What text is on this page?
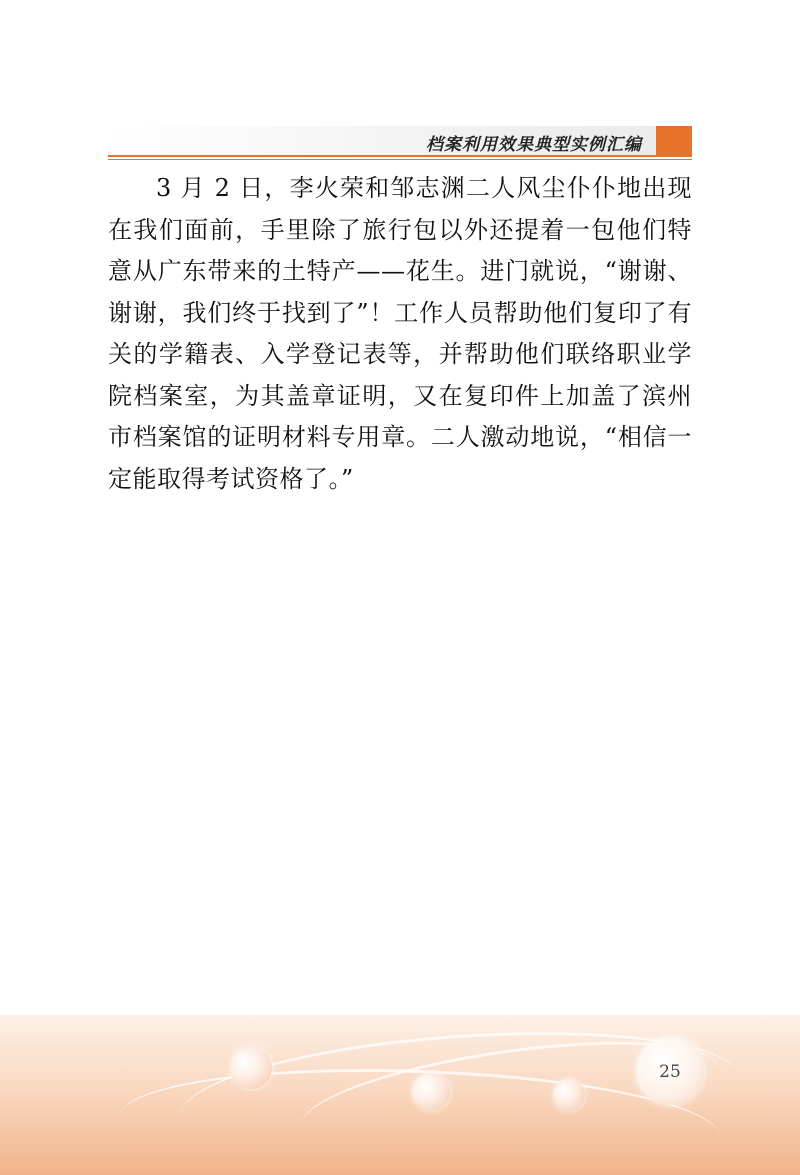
档案利用效果典型实例汇编

3 月 2 日，李火荣和邹志渊二人风尘仆仆地出现在我们面前，手里除了旅行包以外还提着一包他们特意从广东带来的土特产——花生。进门就说，“谢谢、谢谢，我们终于找到了”！工作人员帮助他们复印了有关的学籍表、入学登记表等，并帮助他们联络职业学院档案室，为其盖章证明，又在复印件上加盖了滨州市档案馆的证明材料专用章。二人激动地说，“相信一定能取得考试资格了。”

25
